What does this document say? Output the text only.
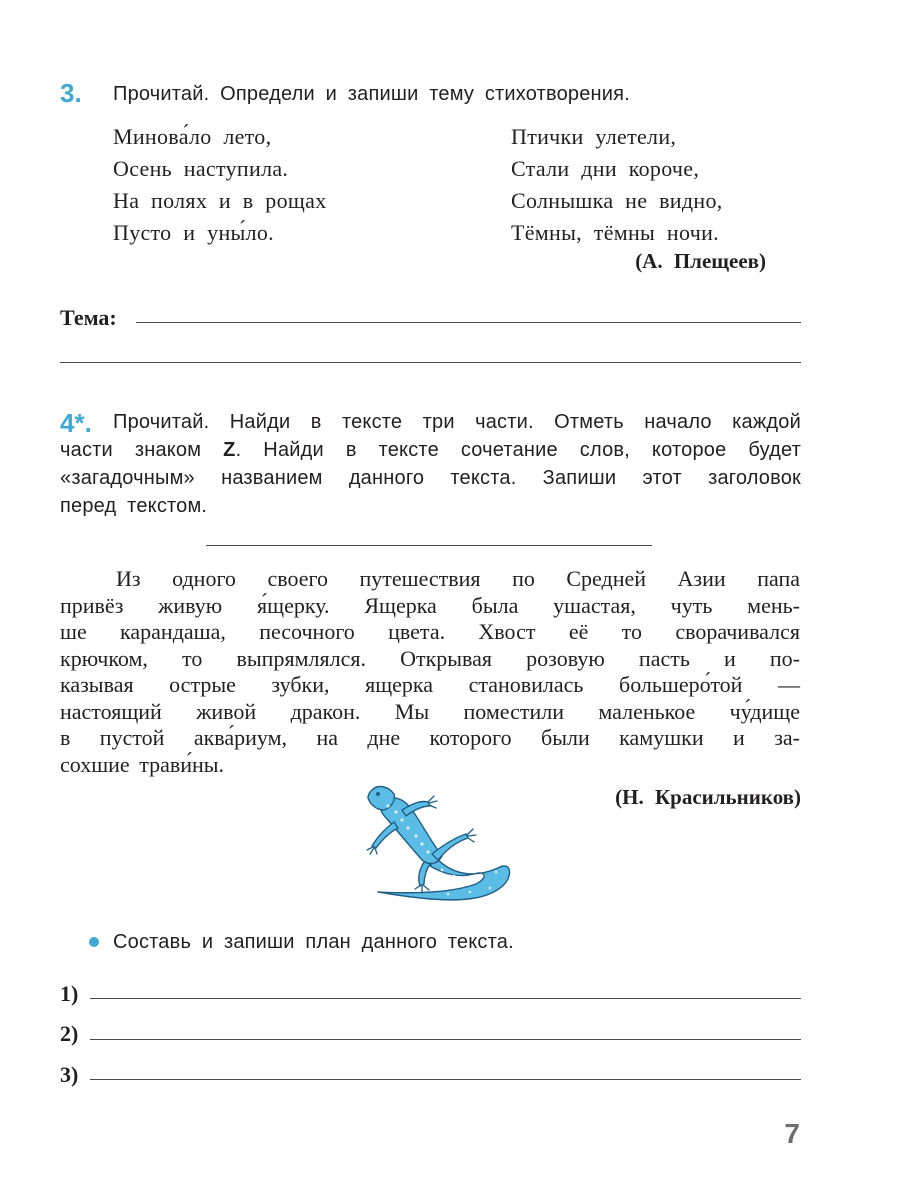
3. Прочитай. Определи и запиши тему стихотворения.
Минова́ло лето,
Осень наступила.
На полях и в рощах
Пусто и уны́ло.
Птички улетели,
Стали дни короче,
Солнышка не видно,
Тёмны, тёмны ночи.
(А. Плещеев)
Тема:
4*. Прочитай. Найди в тексте три части. Отметь начало каждой
части знаком Z. Найди в тексте сочетание слов, которое будет
«загадочным» названием данного текста. Запиши этот заголовок
перед текстом.
Из одного своего путешествия по Средней Азии папа
привёз живую я́щерку. Ящерка была ушастая, чуть мень-
ше карандаша, песочного цвета. Хвост её то сворачивался
крючком, то выпрямлялся. Открывая розовую пасть и по-
казывая острые зубки, ящерка становилась большеро́той —
настоящий живой дракон. Мы поместили маленькое чу́дище
в пустой аква́риум, на дне которого были камушки и за-
сохшие трави́ны.
(Н. Красильников)
Составь и запиши план данного текста.
1)
2)
3)
7
